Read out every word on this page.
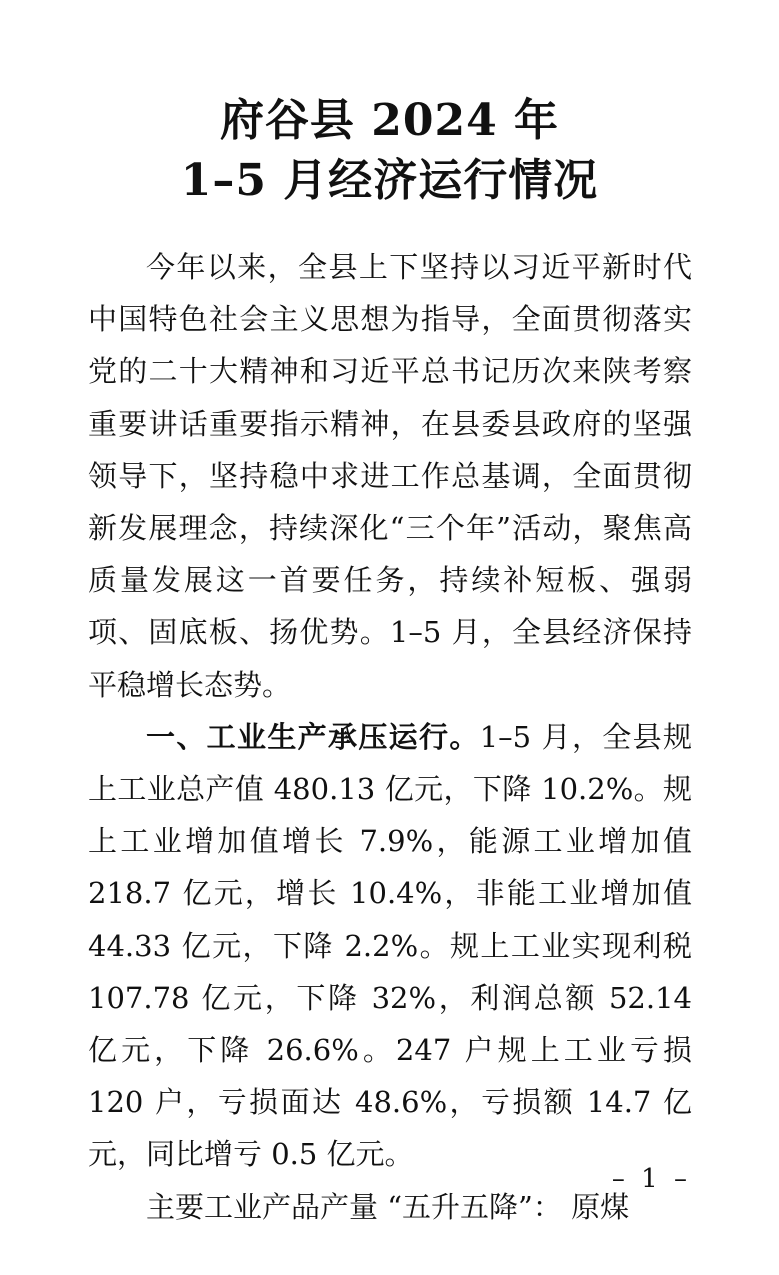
府谷县 2024 年
1–5 月经济运行情况

今年以来，全县上下坚持以习近平新时代中国特色社会主义思想为指导，全面贯彻落实党的二十大精神和习近平总书记历次来陕考察重要讲话重要指示精神，在县委县政府的坚强领导下，坚持稳中求进工作总基调，全面贯彻新发展理念，持续深化“三个年”活动，聚焦高质量发展这一首要任务，持续补短板、强弱项、固底板、扬优势。1–5 月，全县经济保持平稳增长态势。

一、工业生产承压运行。1–5 月，全县规上工业总产值 480.13 亿元，下降 10.2%。规上工业增加值增长 7.9%，能源工业增加值 218.7 亿元，增长 10.4%，非能工业增加值 44.33 亿元，下降 2.2%。规上工业实现利税 107.78 亿元，下降 32%，利润总额 52.14 亿元，下降 26.6%。247 户规上工业亏损 120 户，亏损面达 48.6%，亏损额 14.7 亿元，同比增亏 0.5 亿元。

主要工业产品产量 “五升五降”： 原煤

– 1 –
